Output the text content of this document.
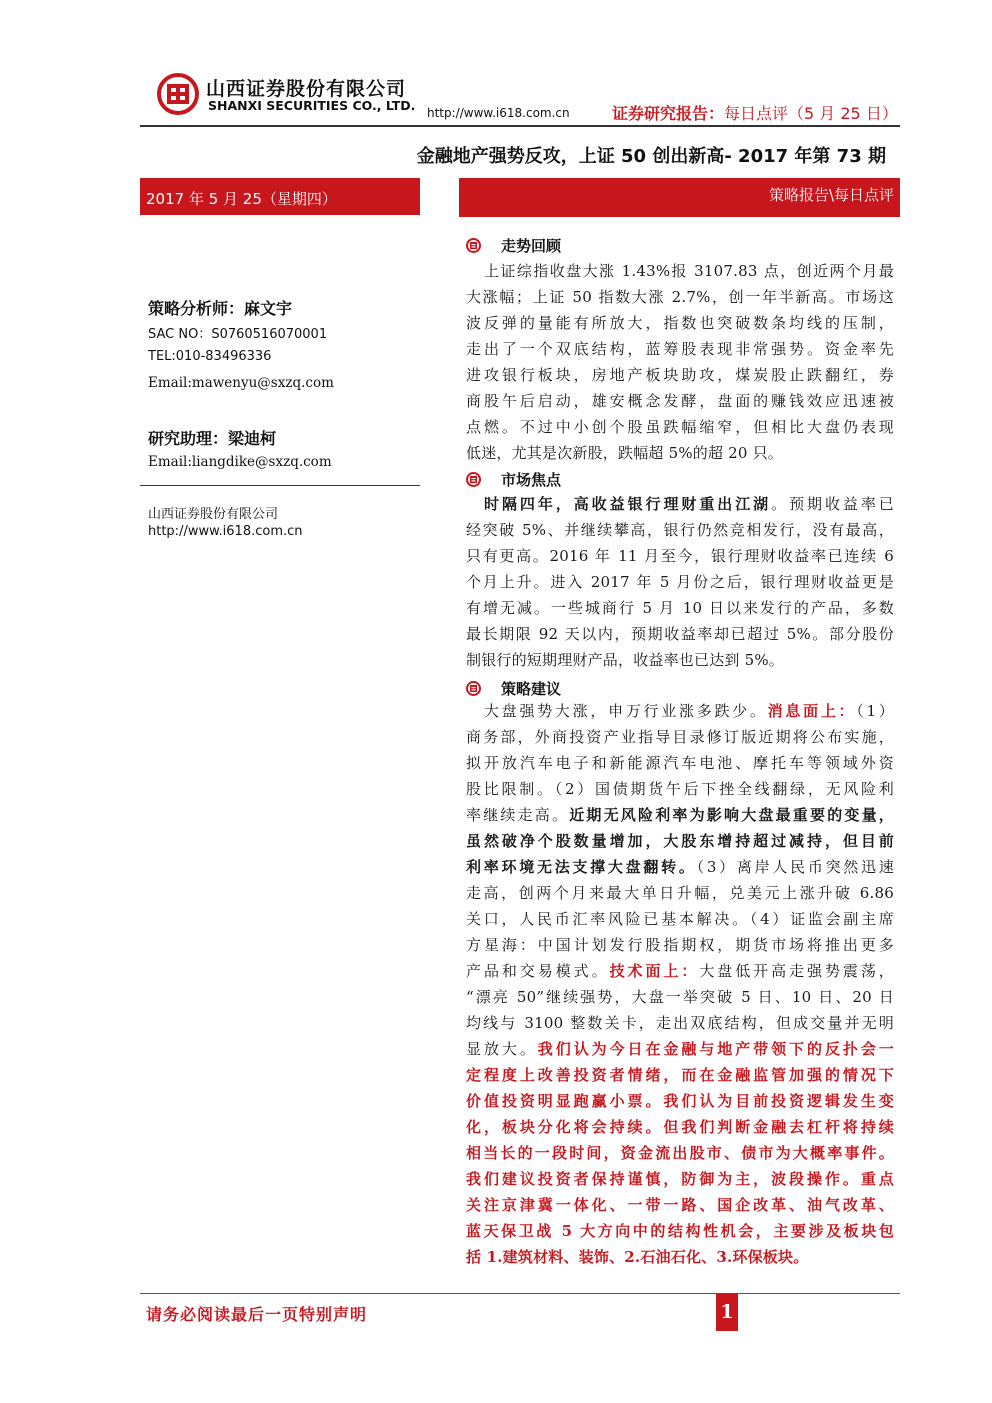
山西证券股份有限公司
SHANXI SECURITIES CO., LTD. http://www.i618.com.cn	证券研究报告：每日点评（5 月 25 日）
金融地产强势反攻，上证 50 创出新高- 2017 年第 73 期
2017 年 5 月 25（星期四）	策略报告\每日点评
策略分析师：麻文宇
SAC NO：S0760516070001
TEL:010-83496336
Email:mawenyu@sxzq.com
研究助理：梁迪柯
Email:liangdike@sxzq.com
山西证券股份有限公司
http://www.i618.com.cn
走势回顾
上证综指收盘大涨 1.43%报 3107.83 点，创近两个月最
大涨幅；上证 50 指数大涨 2.7%，创一年半新高。市场这
波反弹的量能有所放大，指数也突破数条均线的压制，
走出了一个双底结构，蓝筹股表现非常强势。资金率先
进攻银行板块，房地产板块助攻，煤炭股止跌翻红，券
商股午后启动，雄安概念发酵，盘面的赚钱效应迅速被
点燃。不过中小创个股虽跌幅缩窄，但相比大盘仍表现
低迷，尤其是次新股，跌幅超 5%的超 20 只。
市场焦点
时隔四年，高收益银行理财重出江湖。预期收益率已
经突破 5%、并继续攀高，银行仍然竞相发行，没有最高，
只有更高。2016 年 11 月至今，银行理财收益率已连续 6
个月上升。进入 2017 年 5 月份之后，银行理财收益更是
有增无减。一些城商行 5 月 10 日以来发行的产品，多数
最长期限 92 天以内，预期收益率却已超过 5%。部分股份
制银行的短期理财产品，收益率也已达到 5%。
策略建议
大盘强势大涨，申万行业涨多跌少。消息面上：（1）
商务部，外商投资产业指导目录修订版近期将公布实施，
拟开放汽车电子和新能源汽车电池、摩托车等领域外资
股比限制。（2）国债期货午后下挫全线翻绿，无风险利
率继续走高。近期无风险利率为影响大盘最重要的变量，
虽然破净个股数量增加，大股东增持超过减持，但目前
利率环境无法支撑大盘翻转。（3）离岸人民币突然迅速
走高，创两个月来最大单日升幅，兑美元上涨升破 6.86
关口，人民币汇率风险已基本解决。（4）证监会副主席
方星海：中国计划发行股指期权，期货市场将推出更多
产品和交易模式。技术面上：大盘低开高走强势震荡，
“漂亮 50”继续强势，大盘一举突破 5 日、10 日、20 日
均线与 3100 整数关卡，走出双底结构，但成交量并无明
显放大。我们认为今日在金融与地产带领下的反扑会一
定程度上改善投资者情绪，而在金融监管加强的情况下
价值投资明显跑赢小票。我们认为目前投资逻辑发生变
化，板块分化将会持续。但我们判断金融去杠杆将持续
相当长的一段时间，资金流出股市、债市为大概率事件。
我们建议投资者保持谨慎，防御为主，波段操作。重点
关注京津冀一体化、一带一路、国企改革、油气改革、
蓝天保卫战 5 大方向中的结构性机会，主要涉及板块包
括 1.建筑材料、装饰、2.石油石化、3.环保板块。
请务必阅读最后一页特别声明	1
